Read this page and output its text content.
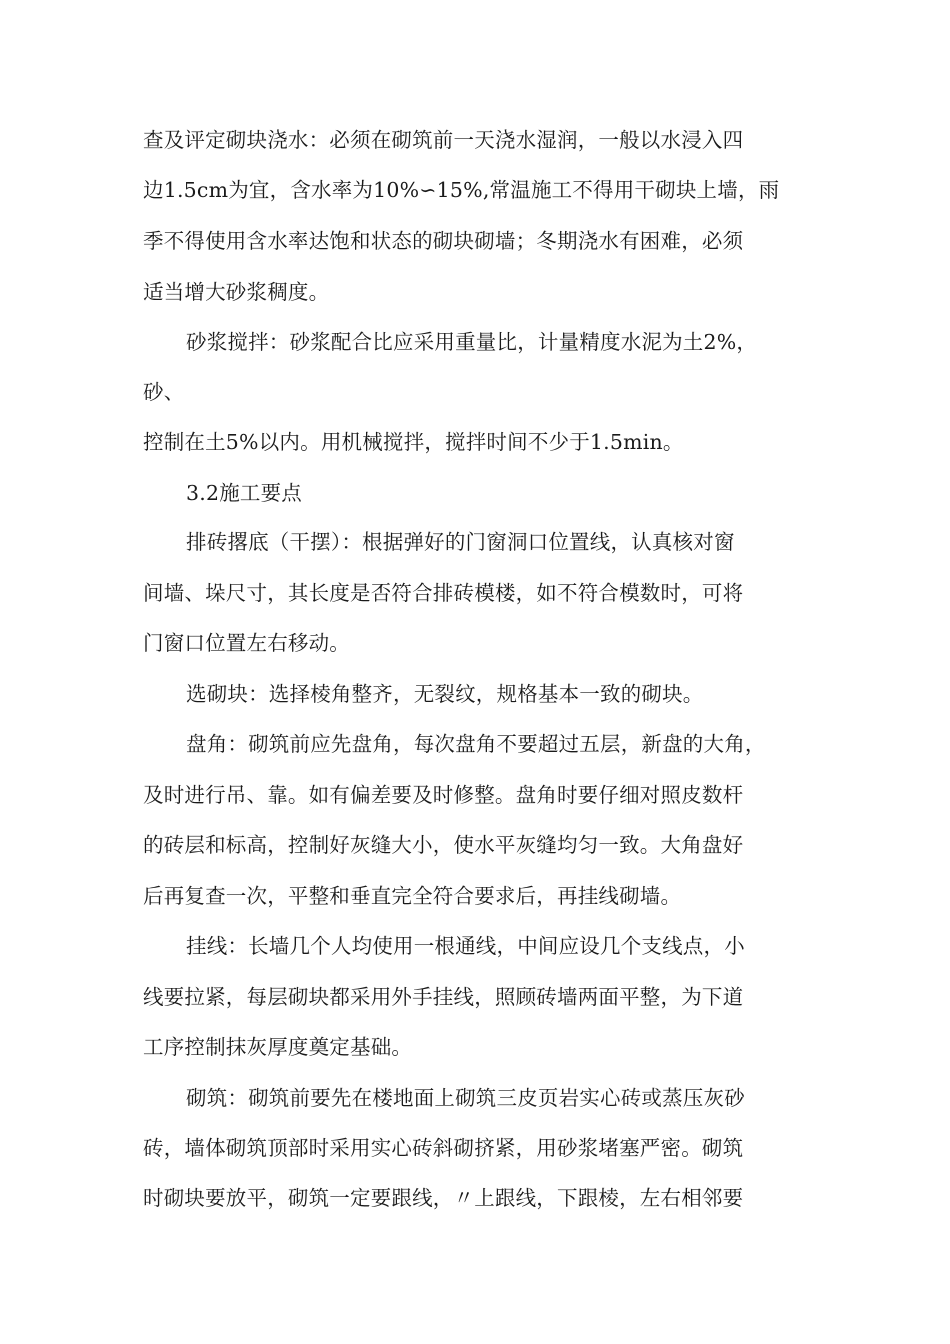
查及评定砌块浇水：必须在砌筑前一天浇水湿润，一般以水浸入四
边1.5cm为宜，含水率为10%∽15%,常温施工不得用干砌块上墙，雨
季不得使用含水率达饱和状态的砌块砌墙；冬期浇水有困难，必须
适当增大砂浆稠度。
砂浆搅拌：砂浆配合比应采用重量比，计量精度水泥为土2%，
砂、
控制在土5%以内。用机械搅拌，搅拌时间不少于1.5min。
3.2施工要点
排砖撂底（干摆）：根据弹好的门窗洞口位置线，认真核对窗
间墙、垛尺寸，其长度是否符合排砖模楼，如不符合模数时，可将
门窗口位置左右移动。
选砌块：选择棱角整齐，无裂纹，规格基本一致的砌块。
盘角：砌筑前应先盘角，每次盘角不要超过五层，新盘的大角，
及时进行吊、靠。如有偏差要及时修整。盘角时要仔细对照皮数杆
的砖层和标高，控制好灰缝大小，使水平灰缝均匀一致。大角盘好
后再复查一次，平整和垂直完全符合要求后，再挂线砌墙。
挂线：长墙几个人均使用一根通线，中间应设几个支线点，小
线要拉紧，每层砌块都采用外手挂线，照顾砖墙两面平整，为下道
工序控制抹灰厚度奠定基础。
砌筑：砌筑前要先在楼地面上砌筑三皮页岩实心砖或蒸压灰砂
砖，墙体砌筑顶部时采用实心砖斜砌挤紧，用砂浆堵塞严密。砌筑
时砌块要放平，砌筑一定要跟线，〃上跟线，下跟棱，左右相邻要
